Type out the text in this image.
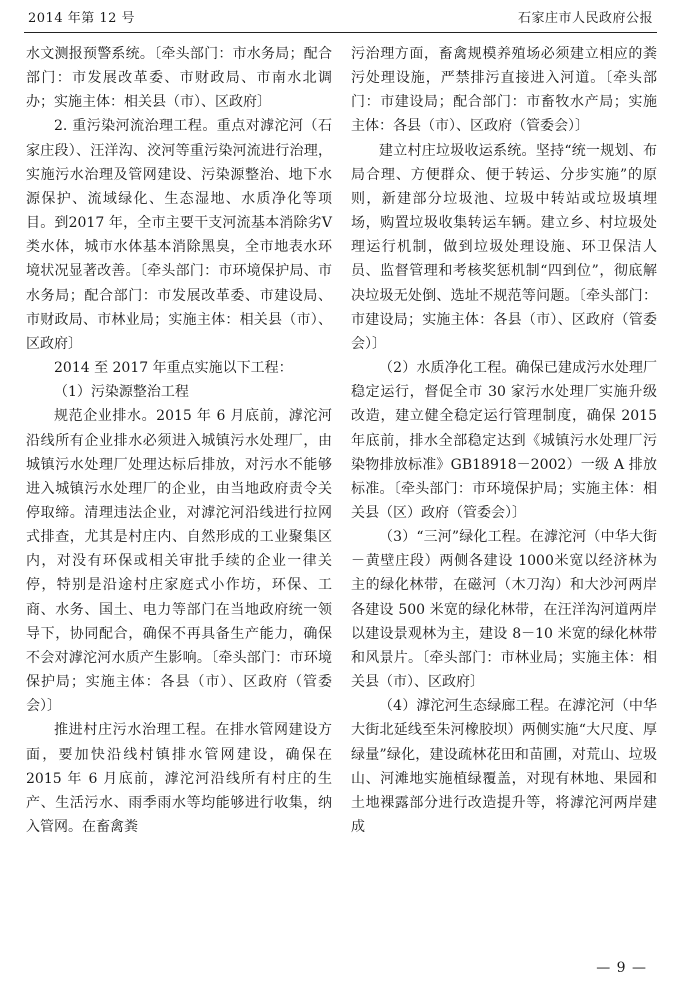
2014 年第 12 号	石家庄市人民政府公报

水文测报预警系统。〔牵头部门：市水务局；配合部门：市发展改革委、市财政局、市南水北调办；实施主体：相关县（市）、区政府〕

2. 重污染河流治理工程。重点对滹沱河（石家庄段）、汪洋沟、洨河等重污染河流进行治理，实施污水治理及管网建设、污染源整治、地下水源保护、流域绿化、生态湿地、水质净化等项目。到2017 年，全市主要干支河流基本消除劣Ⅴ类水体，城市水体基本消除黑臭，全市地表水环境状况显著改善。〔牵头部门：市环境保护局、市水务局；配合部门：市发展改革委、市建设局、市财政局、市林业局；实施主体：相关县（市）、区政府〕

2014 至 2017 年重点实施以下工程：

（1）污染源整治工程

规范企业排水。2015 年 6 月底前，滹沱河沿线所有企业排水必须进入城镇污水处理厂，由城镇污水处理厂处理达标后排放，对污水不能够进入城镇污水处理厂的企业，由当地政府责令关停取缔。清理违法企业，对滹沱河沿线进行拉网式排查，尤其是村庄内、自然形成的工业聚集区内，对没有环保或相关审批手续的企业一律关停，特别是沿途村庄家庭式小作坊，环保、工商、水务、国土、电力等部门在当地政府统一领导下，协同配合，确保不再具备生产能力，确保不会对滹沱河水质产生影响。〔牵头部门：市环境保护局；实施主体：各县（市）、区政府（管委会）〕

推进村庄污水治理工程。在排水管网建设方面，要加快沿线村镇排水管网建设，确保在 2015 年 6 月底前，滹沱河沿线所有村庄的生产、生活污水、雨季雨水等均能够进行收集，纳入管网。在畜禽粪

污治理方面，畜禽规模养殖场必须建立相应的粪污处理设施，严禁排污直接进入河道。〔牵头部门：市建设局；配合部门：市畜牧水产局；实施主体：各县（市）、区政府（管委会）〕

建立村庄垃圾收运系统。坚持“统一规划、布局合理、方便群众、便于转运、分步实施”的原则，新建部分垃圾池、垃圾中转站或垃圾填埋场，购置垃圾收集转运车辆。建立乡、村垃圾处理运行机制，做到垃圾处理设施、环卫保洁人员、监督管理和考核奖惩机制“四到位”，彻底解决垃圾无处倒、选址不规范等问题。〔牵头部门：市建设局；实施主体：各县（市）、区政府（管委会）〕

（2）水质净化工程。确保已建成污水处理厂稳定运行，督促全市 30 家污水处理厂实施升级改造，建立健全稳定运行管理制度，确保 2015 年底前，排水全部稳定达到《城镇污水处理厂污染物排放标准》GB18918－2002）一级 A 排放标准。〔牵头部门：市环境保护局；实施主体：相关县（区）政府（管委会）〕

（3）“三河”绿化工程。在滹沱河（中华大街－黄壁庄段）两侧各建设 1000米宽以经济林为主的绿化林带，在磁河（木刀沟）和大沙河两岸各建设 500 米宽的绿化林带，在汪洋沟河道两岸以建设景观林为主，建设 8－10 米宽的绿化林带和风景片。〔牵头部门：市林业局；实施主体：相关县（市）、区政府〕

（4）滹沱河生态绿廊工程。在滹沱河（中华大街北延线至朱河橡胶坝）两侧实施“大尺度、厚绿量”绿化，建设疏林花田和苗圃，对荒山、垃圾山、河滩地实施植绿覆盖，对现有林地、果园和土地裸露部分进行改造提升等，将滹沱河两岸建成

— 9 —
